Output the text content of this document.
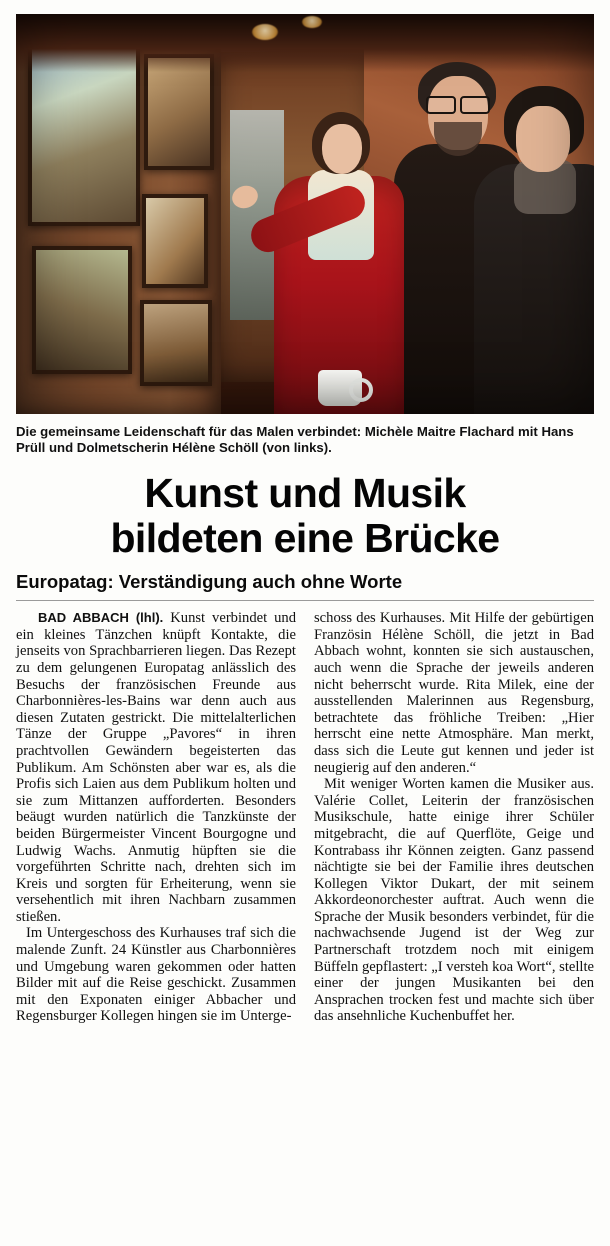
Die gemeinsame Leidenschaft für das Malen verbindet: Michèle Maitre Flachard mit Hans Prüll und Dolmetscherin Hélène Schöll (von links).
Kunst und Musik
bildeten eine Brücke
Europatag: Verständigung auch ohne Worte

BAD ABBACH (lhl). Kunst verbindet und ein kleines Tänzchen knüpft Kontakte, die jenseits von Sprachbarrieren liegen. Das Rezept zu dem gelungenen Europatag anlässlich des Besuchs der französischen Freunde aus Charbonnières-les-Bains war denn auch aus diesen Zutaten gestrickt. Die mittelalterlichen Tänze der Gruppe „Pavores“ in ihren prachtvollen Gewändern begeisterten das Publikum. Am Schönsten aber war es, als die Profis sich Laien aus dem Publikum holten und sie zum Mittanzen aufforderten. Besonders beäugt wurden natürlich die Tanzkünste der beiden Bürgermeister Vincent Bourgogne und Ludwig Wachs. Anmutig hüpften sie die vorgeführten Schritte nach, drehten sich im Kreis und sorgten für Erheiterung, wenn sie versehentlich mit ihren Nachbarn zusammen stießen.

Im Untergeschoss des Kurhauses traf sich die malende Zunft. 24 Künstler aus Charbonnières und Umgebung waren gekommen oder hatten Bilder mit auf die Reise geschickt. Zusammen mit den Exponaten einiger Abbacher und Regensburger Kollegen hingen sie im Unterge-

schoss des Kurhauses. Mit Hilfe der gebürtigen Französin Hélène Schöll, die jetzt in Bad Abbach wohnt, konnten sie sich austauschen, auch wenn die Sprache der jeweils anderen nicht beherrscht wurde. Rita Milek, eine der ausstellenden Malerinnen aus Regensburg, betrachtete das fröhliche Treiben: „Hier herrscht eine nette Atmosphäre. Man merkt, dass sich die Leute gut kennen und jeder ist neugierig auf den anderen.“

Mit weniger Worten kamen die Musiker aus. Valérie Collet, Leiterin der französischen Musikschule, hatte einige ihrer Schüler mitgebracht, die auf Querflöte, Geige und Kontrabass ihr Können zeigten. Ganz passend nächtigte sie bei der Familie ihres deutschen Kollegen Viktor Dukart, der mit seinem Akkordeonorchester auftrat. Auch wenn die Sprache der Musik besonders verbindet, für die nachwachsende Jugend ist der Weg zur Partnerschaft trotzdem noch mit einigem Büffeln gepflastert: „I versteh koa Wort“, stellte einer der jungen Musikanten bei den Ansprachen trocken fest und machte sich über das ansehnliche Kuchenbuffet her.
